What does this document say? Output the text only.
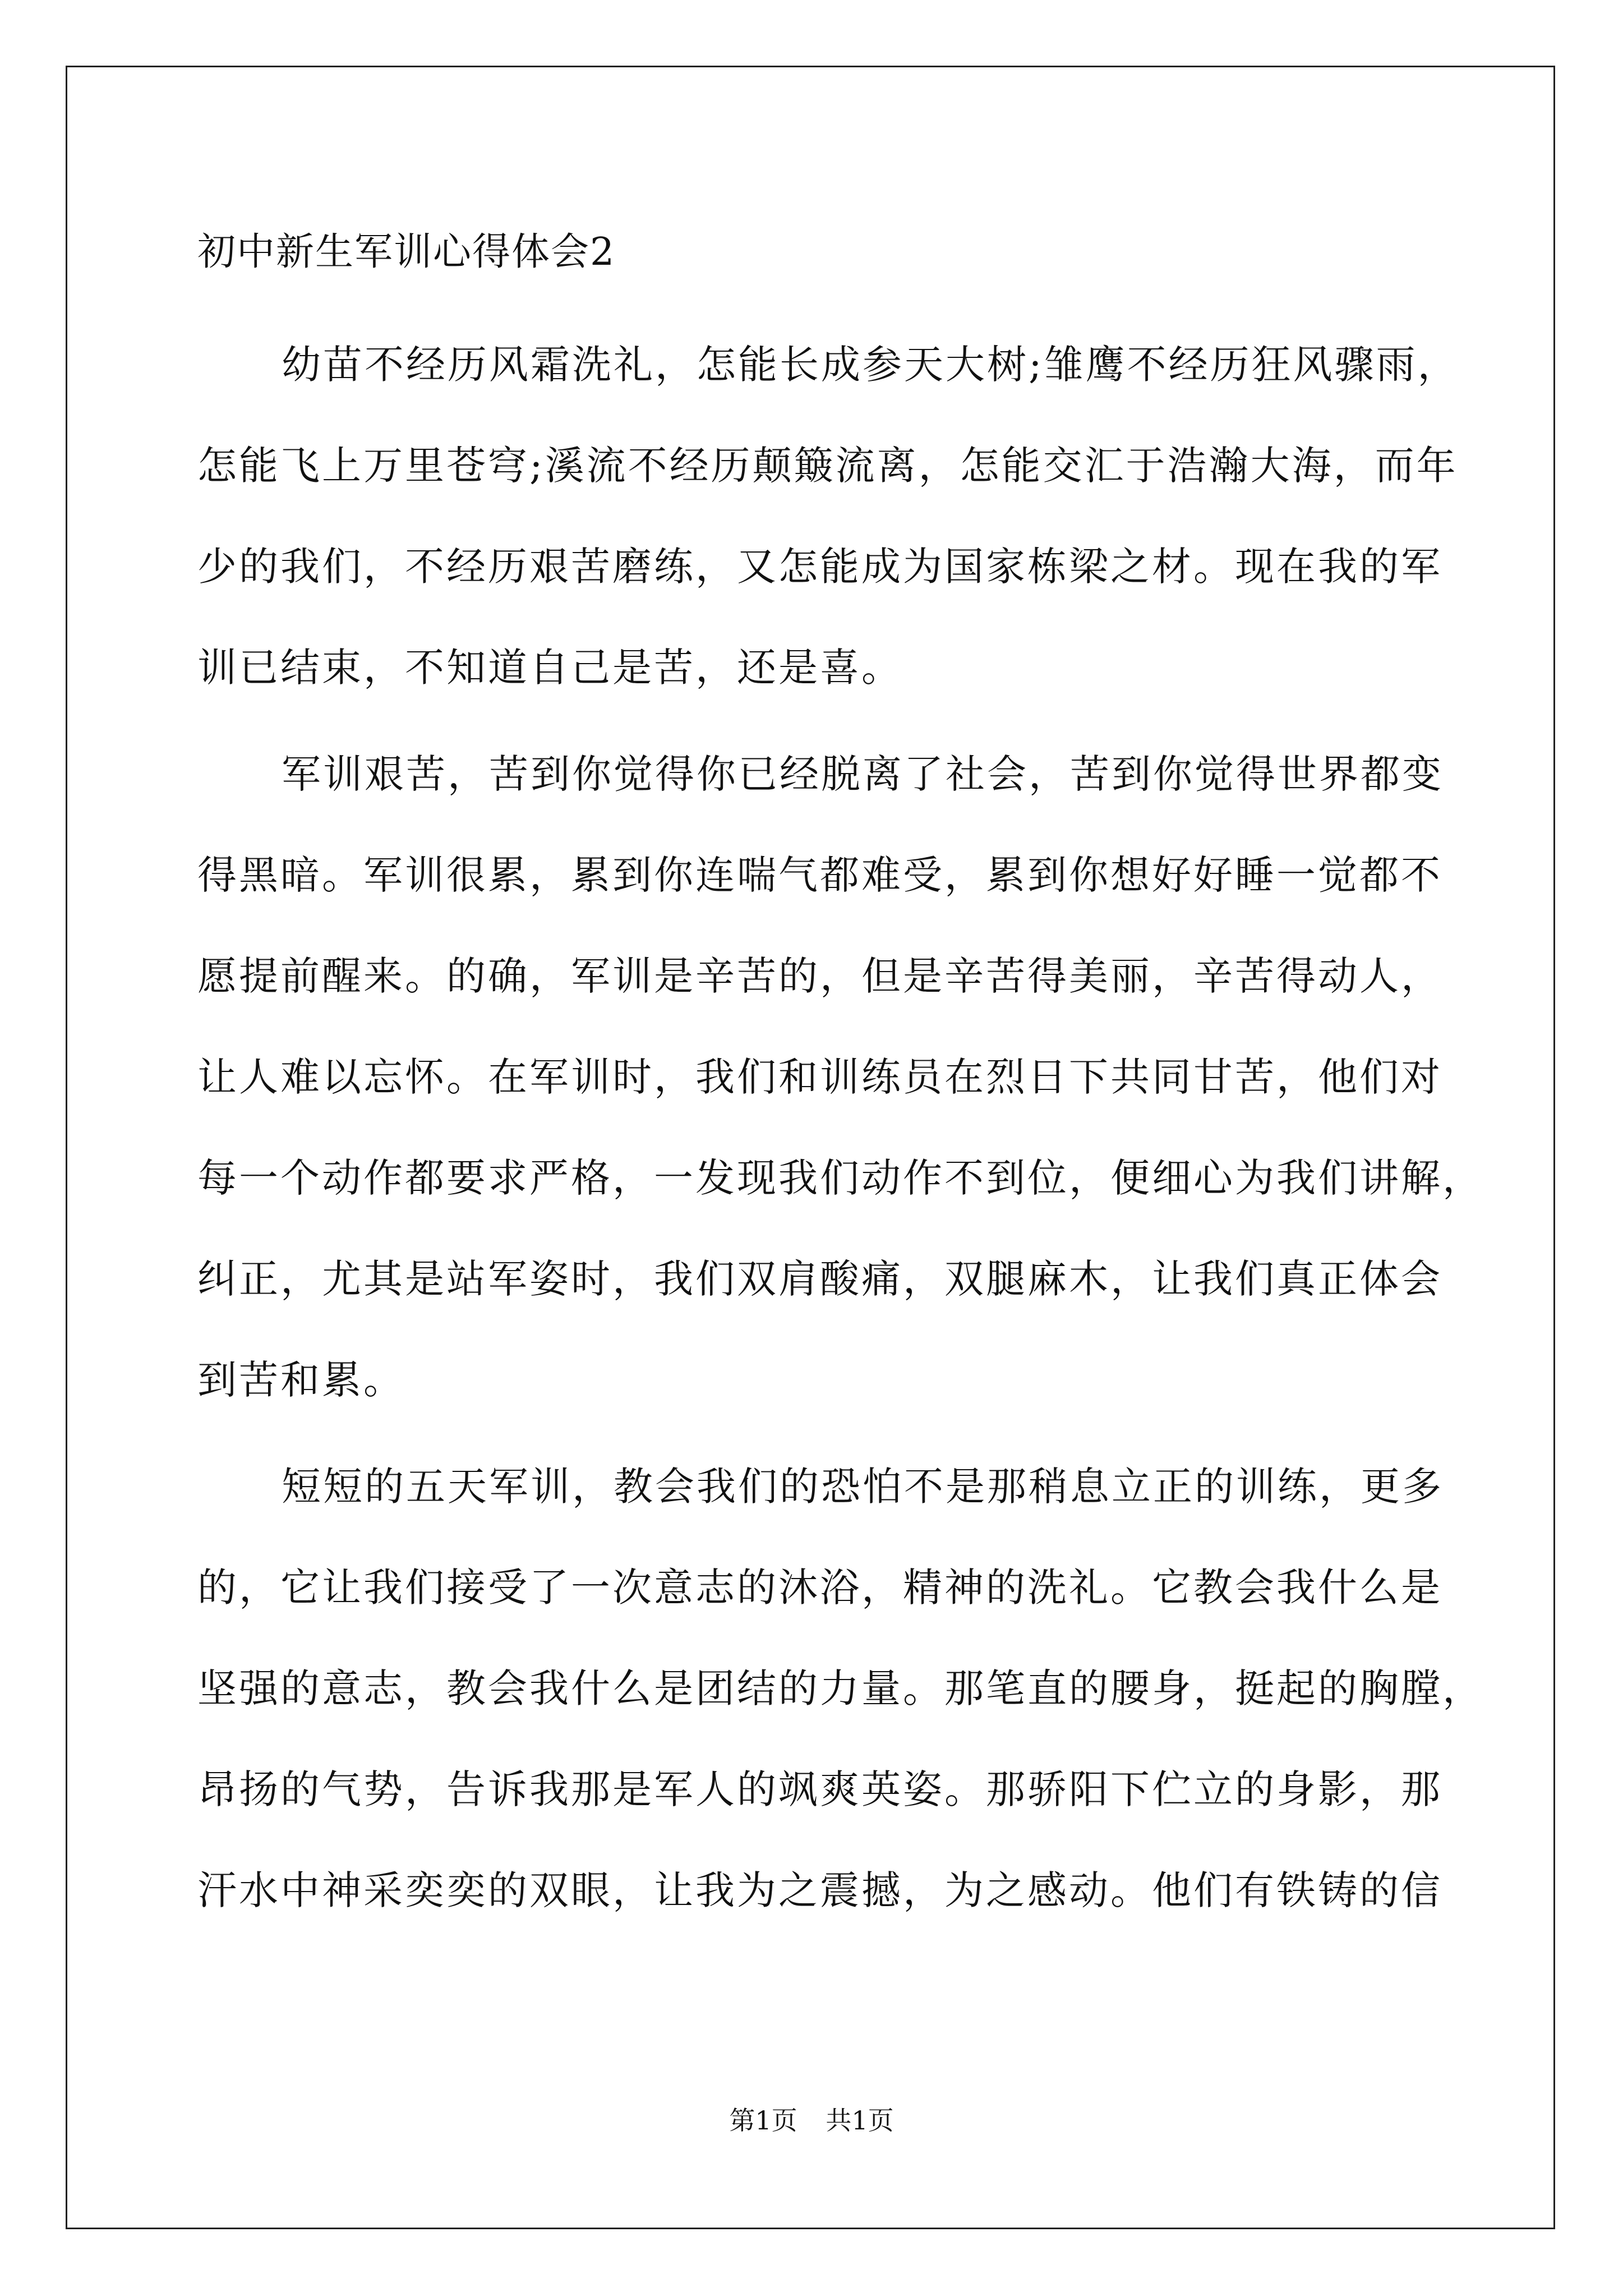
初中新生军训心得体会2

幼苗不经历风霜洗礼，怎能长成参天大树;雏鹰不经历狂风骤雨，

怎能飞上万里苍穹;溪流不经历颠簸流离，怎能交汇于浩瀚大海，而年

少的我们，不经历艰苦磨练，又怎能成为国家栋梁之材。现在我的军

训已结束，不知道自己是苦，还是喜。

军训艰苦，苦到你觉得你已经脱离了社会，苦到你觉得世界都变

得黑暗。军训很累，累到你连喘气都难受，累到你想好好睡一觉都不

愿提前醒来。的确，军训是辛苦的，但是辛苦得美丽，辛苦得动人，

让人难以忘怀。在军训时，我们和训练员在烈日下共同甘苦，他们对

每一个动作都要求严格，一发现我们动作不到位，便细心为我们讲解，

纠正，尤其是站军姿时，我们双肩酸痛，双腿麻木，让我们真正体会

到苦和累。

短短的五天军训，教会我们的恐怕不是那稍息立正的训练，更多

的，它让我们接受了一次意志的沐浴，精神的洗礼。它教会我什么是

坚强的意志，教会我什么是团结的力量。那笔直的腰身，挺起的胸膛，

昂扬的气势，告诉我那是军人的飒爽英姿。那骄阳下伫立的身影，那

汗水中神采奕奕的双眼，让我为之震撼，为之感动。他们有铁铸的信

第1页 共1页
